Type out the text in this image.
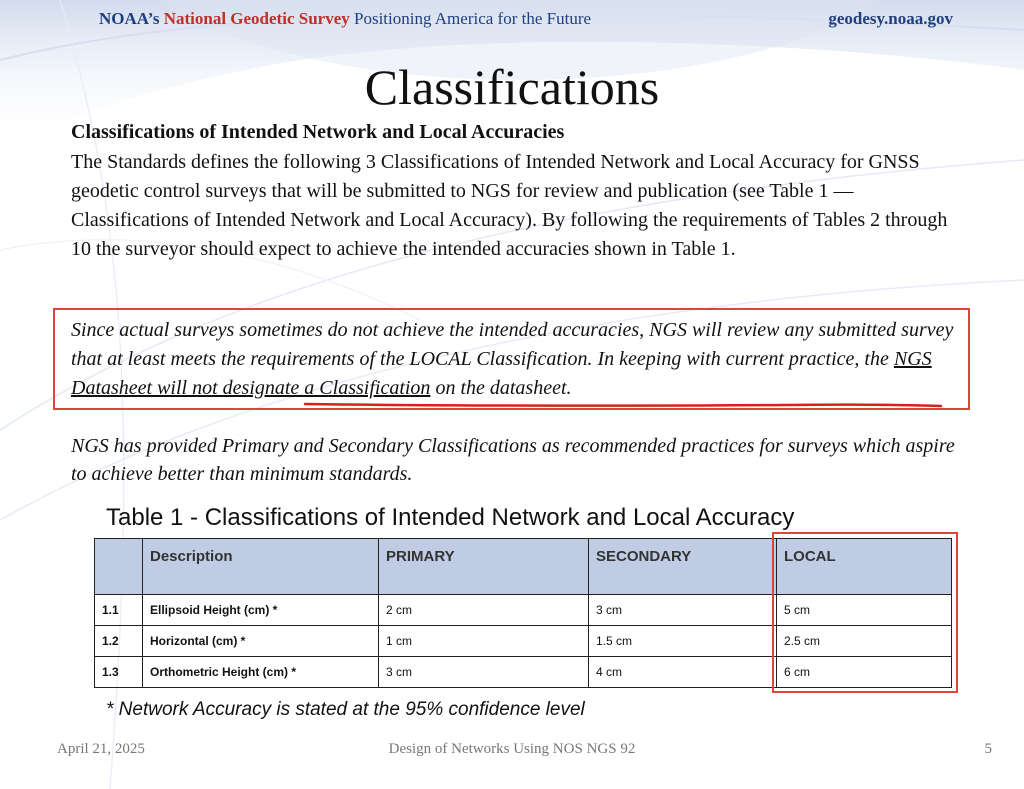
NOAA’s National Geodetic Survey Positioning America for the Future	geodesy.noaa.gov
Classifications
Classifications of Intended Network and Local Accuracies

The Standards defines the following 3 Classifications of Intended Network and Local Accuracy for GNSS geodetic control surveys that will be submitted to NGS for review and publication (see Table 1 — Classifications of Intended Network and Local Accuracy). By following the requirements of Tables 2 through 10 the surveyor should expect to achieve the intended accuracies shown in Table 1.

Since actual surveys sometimes do not achieve the intended accuracies, NGS will review any submitted survey that at least meets the requirements of the LOCAL Classification. In keeping with current practice, the NGS Datasheet will not designate a Classification on the datasheet.
NGS has provided Primary and Secondary Classifications as recommended practices for surveys which aspire to achieve better than minimum standards.
Table 1 - Classifications of Intended Network and Local Accuracy
	Description	PRIMARY	SECONDARY	LOCAL
1.1	Ellipsoid Height (cm) *	2 cm	3 cm	5 cm
1.2	Horizontal (cm) *	1 cm	1.5 cm	2.5 cm
1.3	Orthometric Height (cm) *	3 cm	4 cm	6 cm
* Network Accuracy is stated at the 95% confidence level
April 21, 2025	Design of Networks Using NOS NGS 92	5
